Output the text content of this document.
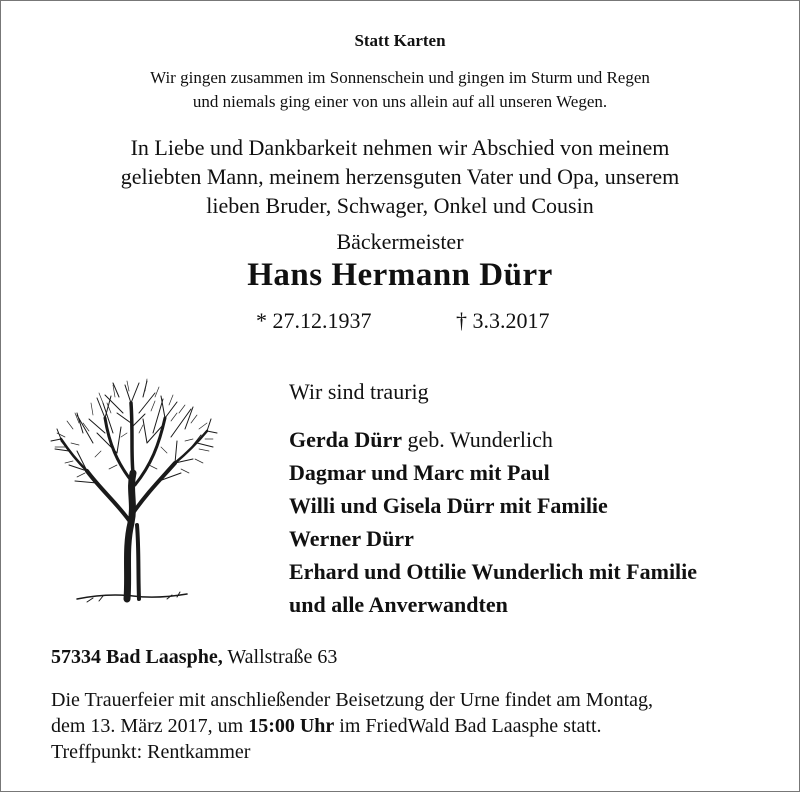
Statt Karten
Wir gingen zusammen im Sonnenschein und gingen im Sturm und Regen
und niemals ging einer von uns allein auf all unseren Wegen.
In Liebe und Dankbarkeit nehmen wir Abschied von meinem
geliebten Mann, meinem herzensguten Vater und Opa, unserem
lieben Bruder, Schwager, Onkel und Cousin
Bäckermeister
Hans Hermann Dürr
* 27.12.1937	† 3.3.2017
Wir sind traurig
Gerda Dürr geb. Wunderlich
Dagmar und Marc mit Paul
Willi und Gisela Dürr mit Familie
Werner Dürr
Erhard und Ottilie Wunderlich mit Familie
und alle Anverwandten
57334 Bad Laasphe, Wallstraße 63
Die Trauerfeier mit anschließender Beisetzung der Urne findet am Montag,
dem 13. März 2017, um 15:00 Uhr im FriedWald Bad Laasphe statt.
Treffpunkt: Rentkammer
